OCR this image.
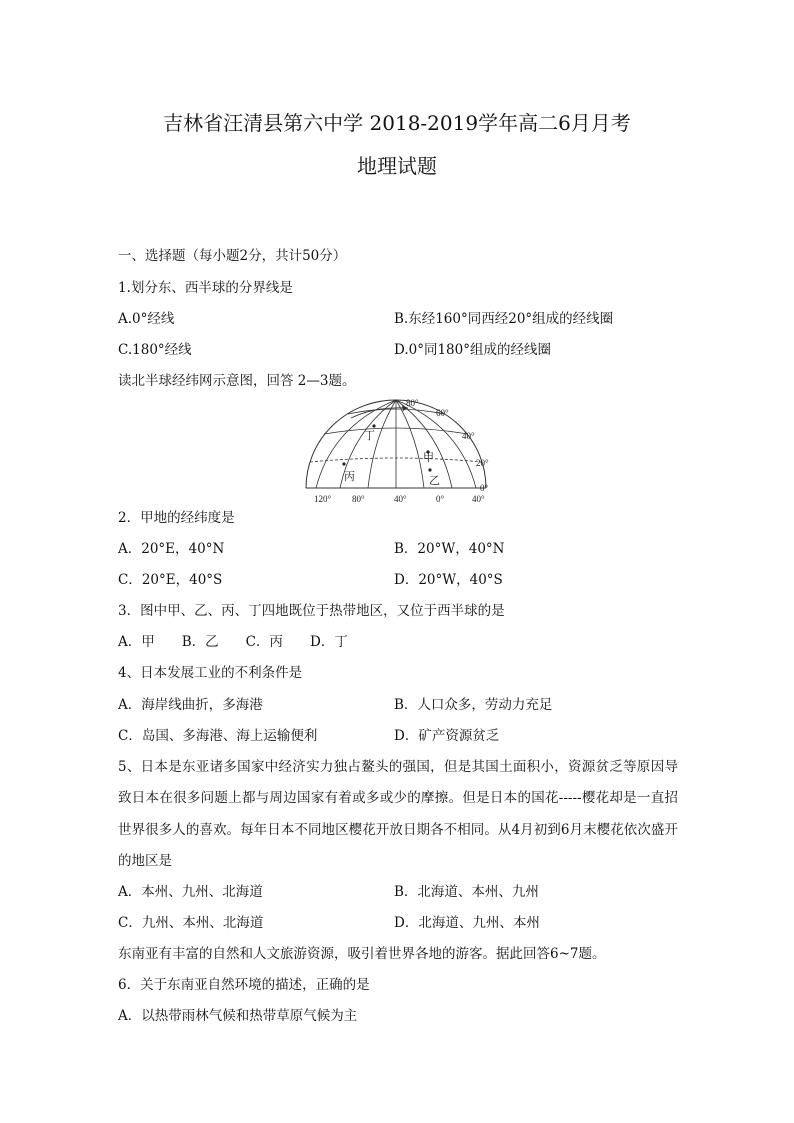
吉林省汪清县第六中学 2018-2019学年高二6月月考
地理试题
一、选择题（每小题2分，共计50分）
1.划分东、西半球的分界线是
A.0°经线	B.东经160°同西经20°组成的经线圈
C.180°经线	D.0°同180°组成的经线圈
读北半球经纬网示意图，回答 2—3题。
丁
甲
丙	乙
80°
60°
40°
20°
0°
120° 80°	40°	0°	40°
2．甲地的经纬度是
A．20°E，40°N	B．20°W，40°N
C．20°E，40°S	D．20°W，40°S
3．图中甲、乙、丙、丁四地既位于热带地区，又位于西半球的是
A．甲　　B．乙　　C．丙　　D．丁
4、日本发展工业的不利条件是
A．海岸线曲折，多海港	B．人口众多，劳动力充足
C．岛国、多海港、海上运输便利	D．矿产资源贫乏
5、日本是东亚诸多国家中经济实力独占鳌头的强国，但是其国土面积小，资源贫乏等原因导致日本在很多问题上都与周边国家有着或多或少的摩擦。但是日本的国花-----樱花却是一直招世界很多人的喜欢。每年日本不同地区樱花开放日期各不相同。从4月初到6月末樱花依次盛开的地区是
A．本州、九州、北海道	B．北海道、本州、九州
C．九州、本州、北海道	D．北海道、九州、本州
东南亚有丰富的自然和人文旅游资源，吸引着世界各地的游客。据此回答6~7题。
6．关于东南亚自然环境的描述，正确的是
A．以热带雨林气候和热带草原气候为主
